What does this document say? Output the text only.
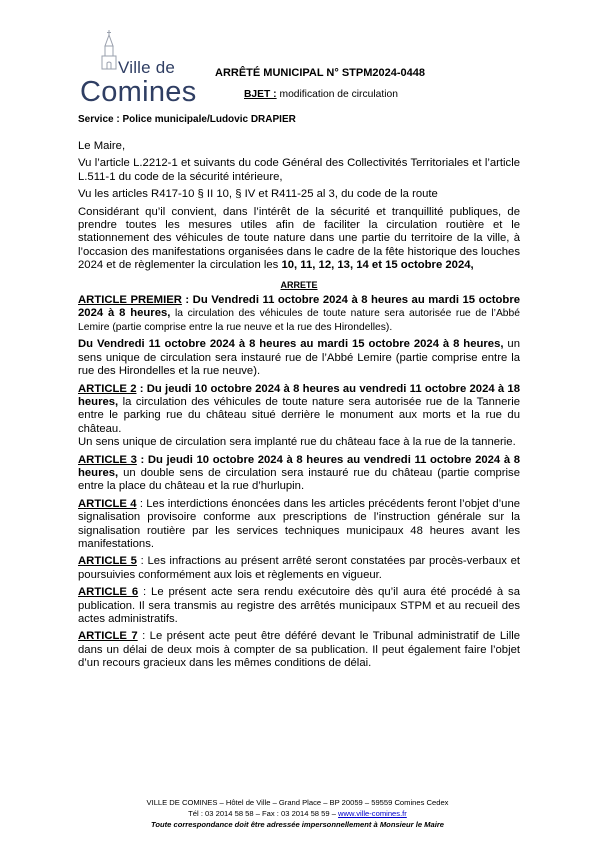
Ville de
Comines
ARRÊTÉ MUNICIPAL N° STPM2024-0448
BJET : modification de circulation
Service : Police municipale/Ludovic DRAPIER

Le Maire,

Vu l’article L.2212-1 et suivants du code Général des Collectivités Territoriales et l’article L.511-1 du code de la sécurité intérieure,

Vu les articles R417-10 § II 10, § IV et R411-25 al 3, du code de la route

Considérant qu’il convient, dans l’intérêt de la sécurité et tranquillité publiques, de prendre toutes les mesures utiles afin de faciliter la circulation routière et le stationnement des véhicules de toute nature dans une partie du territoire de la ville, à l’occasion des manifestations organisées dans le cadre de la fête historique des louches 2024 et de règlementer la circulation les 10, 11, 12, 13, 14 et 15 octobre 2024,

ARRETE

ARTICLE PREMIER : Du Vendredi 11 octobre 2024 à 8 heures au mardi 15 octobre 2024 à 8 heures, la circulation des véhicules de toute nature sera autorisée rue de l’Abbé Lemire (partie comprise entre la rue neuve et la rue des Hirondelles).

Du Vendredi 11 octobre 2024 à 8 heures au mardi 15 octobre 2024 à 8 heures, un sens unique de circulation sera instauré rue de l’Abbé Lemire (partie comprise entre la rue des Hirondelles et la rue neuve).

ARTICLE 2 : Du jeudi 10 octobre 2024 à 8 heures au vendredi 11 octobre 2024 à 18 heures, la circulation des véhicules de toute nature sera autorisée rue de la Tannerie entre le parking rue du château situé derrière le monument aux morts et la rue du château.
Un sens unique de circulation sera implanté rue du château face à la rue de la tannerie.

ARTICLE 3 : Du jeudi 10 octobre 2024 à 8 heures au vendredi 11 octobre 2024 à 8 heures, un double sens de circulation sera instauré rue du château (partie comprise entre la place du château et la rue d’hurlupin.

ARTICLE 4 : Les interdictions énoncées dans les articles précédents feront l’objet d’une signalisation provisoire conforme aux prescriptions de l’instruction générale sur la signalisation routière par les services techniques municipaux 48 heures avant les manifestations.

ARTICLE 5 : Les infractions au présent arrêté seront constatées par procès-verbaux et poursuivies conformément aux lois et règlements en vigueur.

ARTICLE 6 : Le présent acte sera rendu exécutoire dès qu’il aura été procédé à sa publication. Il sera transmis au registre des arrêtés municipaux STPM et au recueil des actes administratifs.

ARTICLE 7 : Le présent acte peut être déféré devant le Tribunal administratif de Lille dans un délai de deux mois à compter de sa publication. Il peut également faire l’objet d’un recours gracieux dans les mêmes conditions de délai.

VILLE DE COMINES – Hôtel de Ville – Grand Place – BP 20059 – 59559 Comines Cedex
Tél : 03 2014 58 58 – Fax : 03 2014 58 59 – www.ville-comines.fr
Toute correspondance doit être adressée impersonnellement à Monsieur le Maire
